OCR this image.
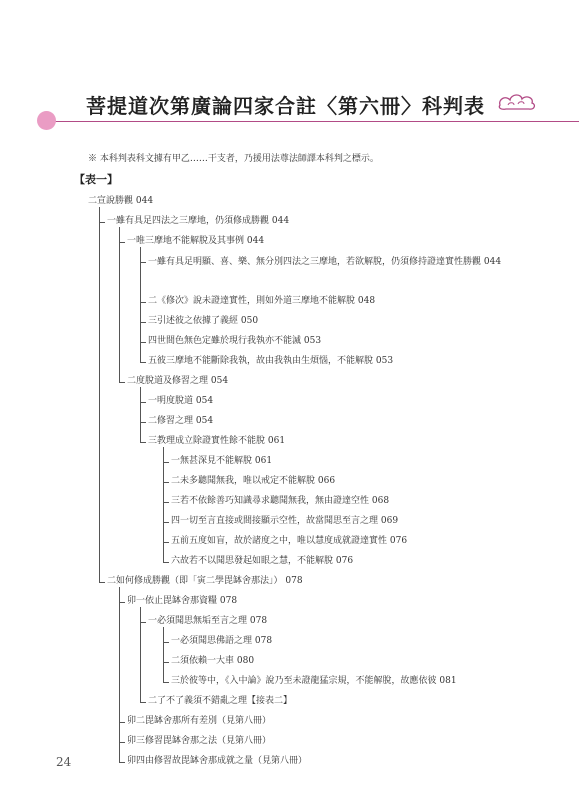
菩提道次第廣論四家合註〈第六冊〉科判表
※ 本科判表科文據有甲乙……干支者，乃援用法尊法師譯本科判之標示。
【表一】
二宣說勝觀 044
一雖有具足四法之三摩地，仍須修成勝觀 044
一唯三摩地不能解脫及其事例 044
一雖有具足明顯、喜、樂、無分別四法之三摩地，若欲解脫，仍須修持證達實性勝觀 044
二《修次》說未證達實性，則如外道三摩地不能解脫 048
三引述彼之依據了義經 050
四世間色無色定雖於現行我執亦不能滅 053
五彼三摩地不能斷除我執，故由我執由生煩惱，不能解脫 053
二度脫道及修習之理 054
一明度脫道 054
二修習之理 054
三教理成立除證實性餘不能脫 061
一無甚深見不能解脫 061
二未多聽聞無我，唯以戒定不能解脫 066
三若不依餘善巧知識尋求聽聞無我，無由證達空性 068
四一切至言直接或間接顯示空性，故當聞思至言之理 069
五前五度如盲，故於諸度之中，唯以慧度成就證達實性 076
六故若不以聞思發起如眼之慧，不能解脫 076
二如何修成勝觀（即「寅二學毘缽舍那法」） 078
卯一依止毘缽舍那資糧 078
一必須聞思無垢至言之理 078
一必須聞思佛語之理 078
二須依賴一大車 080
三於彼等中，《入中論》說乃至未證龍猛宗規，不能解脫，故應依彼 081
二了不了義須不錯亂之理【接表二】
卯二毘缽舍那所有差別（見第八冊）
卯三修習毘缽舍那之法（見第八冊）
卯四由修習故毘缽舍那成就之量（見第八冊）
24
